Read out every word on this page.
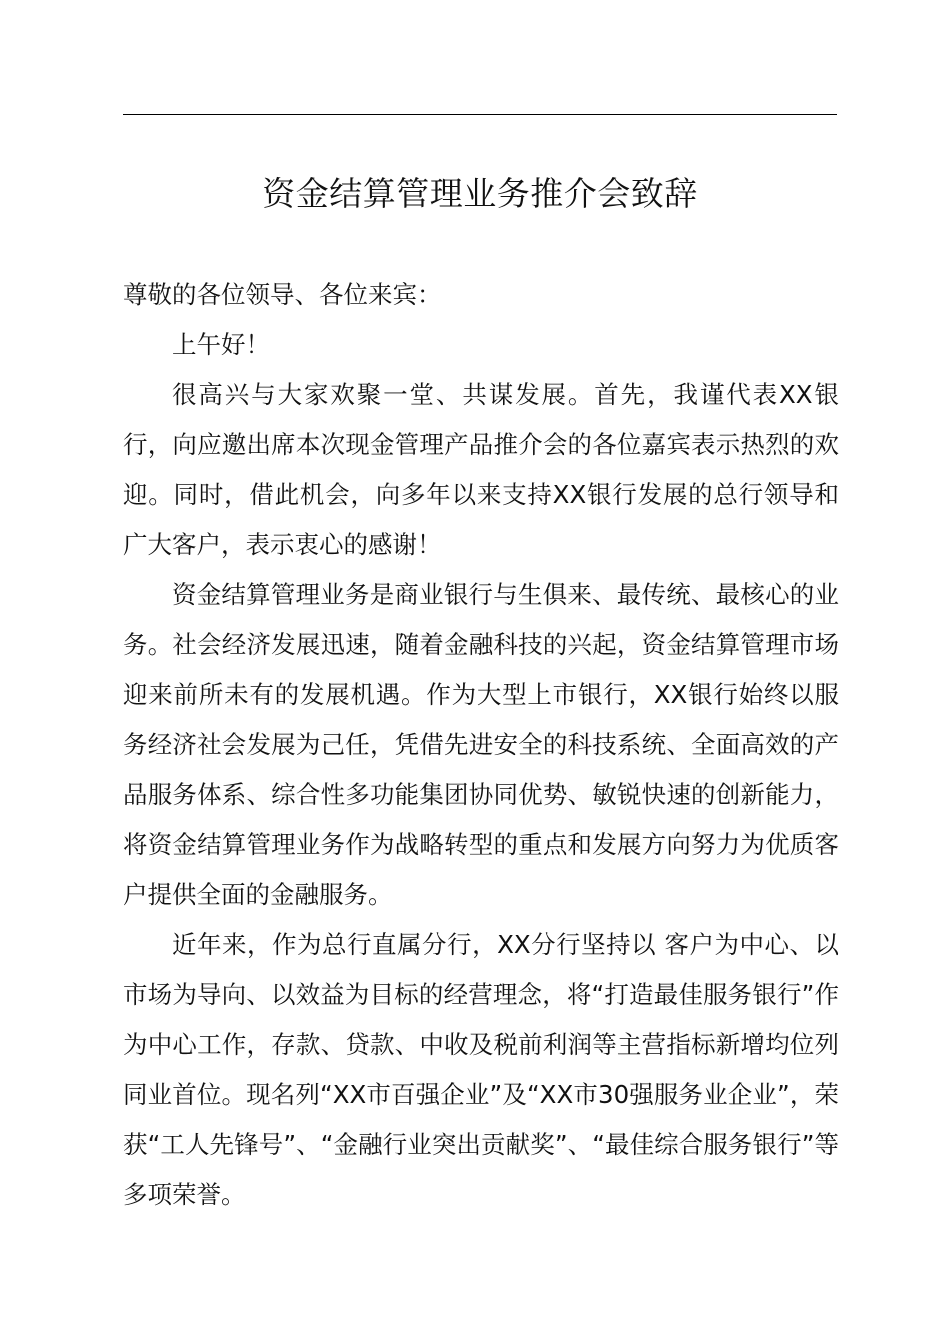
资金结算管理业务推介会致辞

尊敬的各位领导、各位来宾：

上午好！

很高兴与大家欢聚一堂、共谋发展。首先，我谨代表XX银行，向应邀出席本次现金管理产品推介会的各位嘉宾表示热烈的欢迎。同时，借此机会，向多年以来支持XX银行发展的总行领导和广大客户，表示衷心的感谢！

资金结算管理业务是商业银行与生俱来、最传统、最核心的业务。社会经济发展迅速，随着金融科技的兴起，资金结算管理市场迎来前所未有的发展机遇。作为大型上市银行，XX银行始终以服务经济社会发展为己任，凭借先进安全的科技系统、全面高效的产品服务体系、综合性多功能集团协同优势、敏锐快速的创新能力，将资金结算管理业务作为战略转型的重点和发展方向努力为优质客户提供全面的金融服务。

近年来，作为总行直属分行，XX分行坚持以 客户为中心、以市场为导向、以效益为目标的经营理念，将“打造最佳服务银行”作为中心工作，存款、贷款、中收及税前利润等主营指标新增均位列同业首位。现名列“XX市百强企业”及“XX市30强服务业企业”，荣获“工人先锋号”、“金融行业突出贡献奖”、“最佳综合服务银行”等多项荣誉。
